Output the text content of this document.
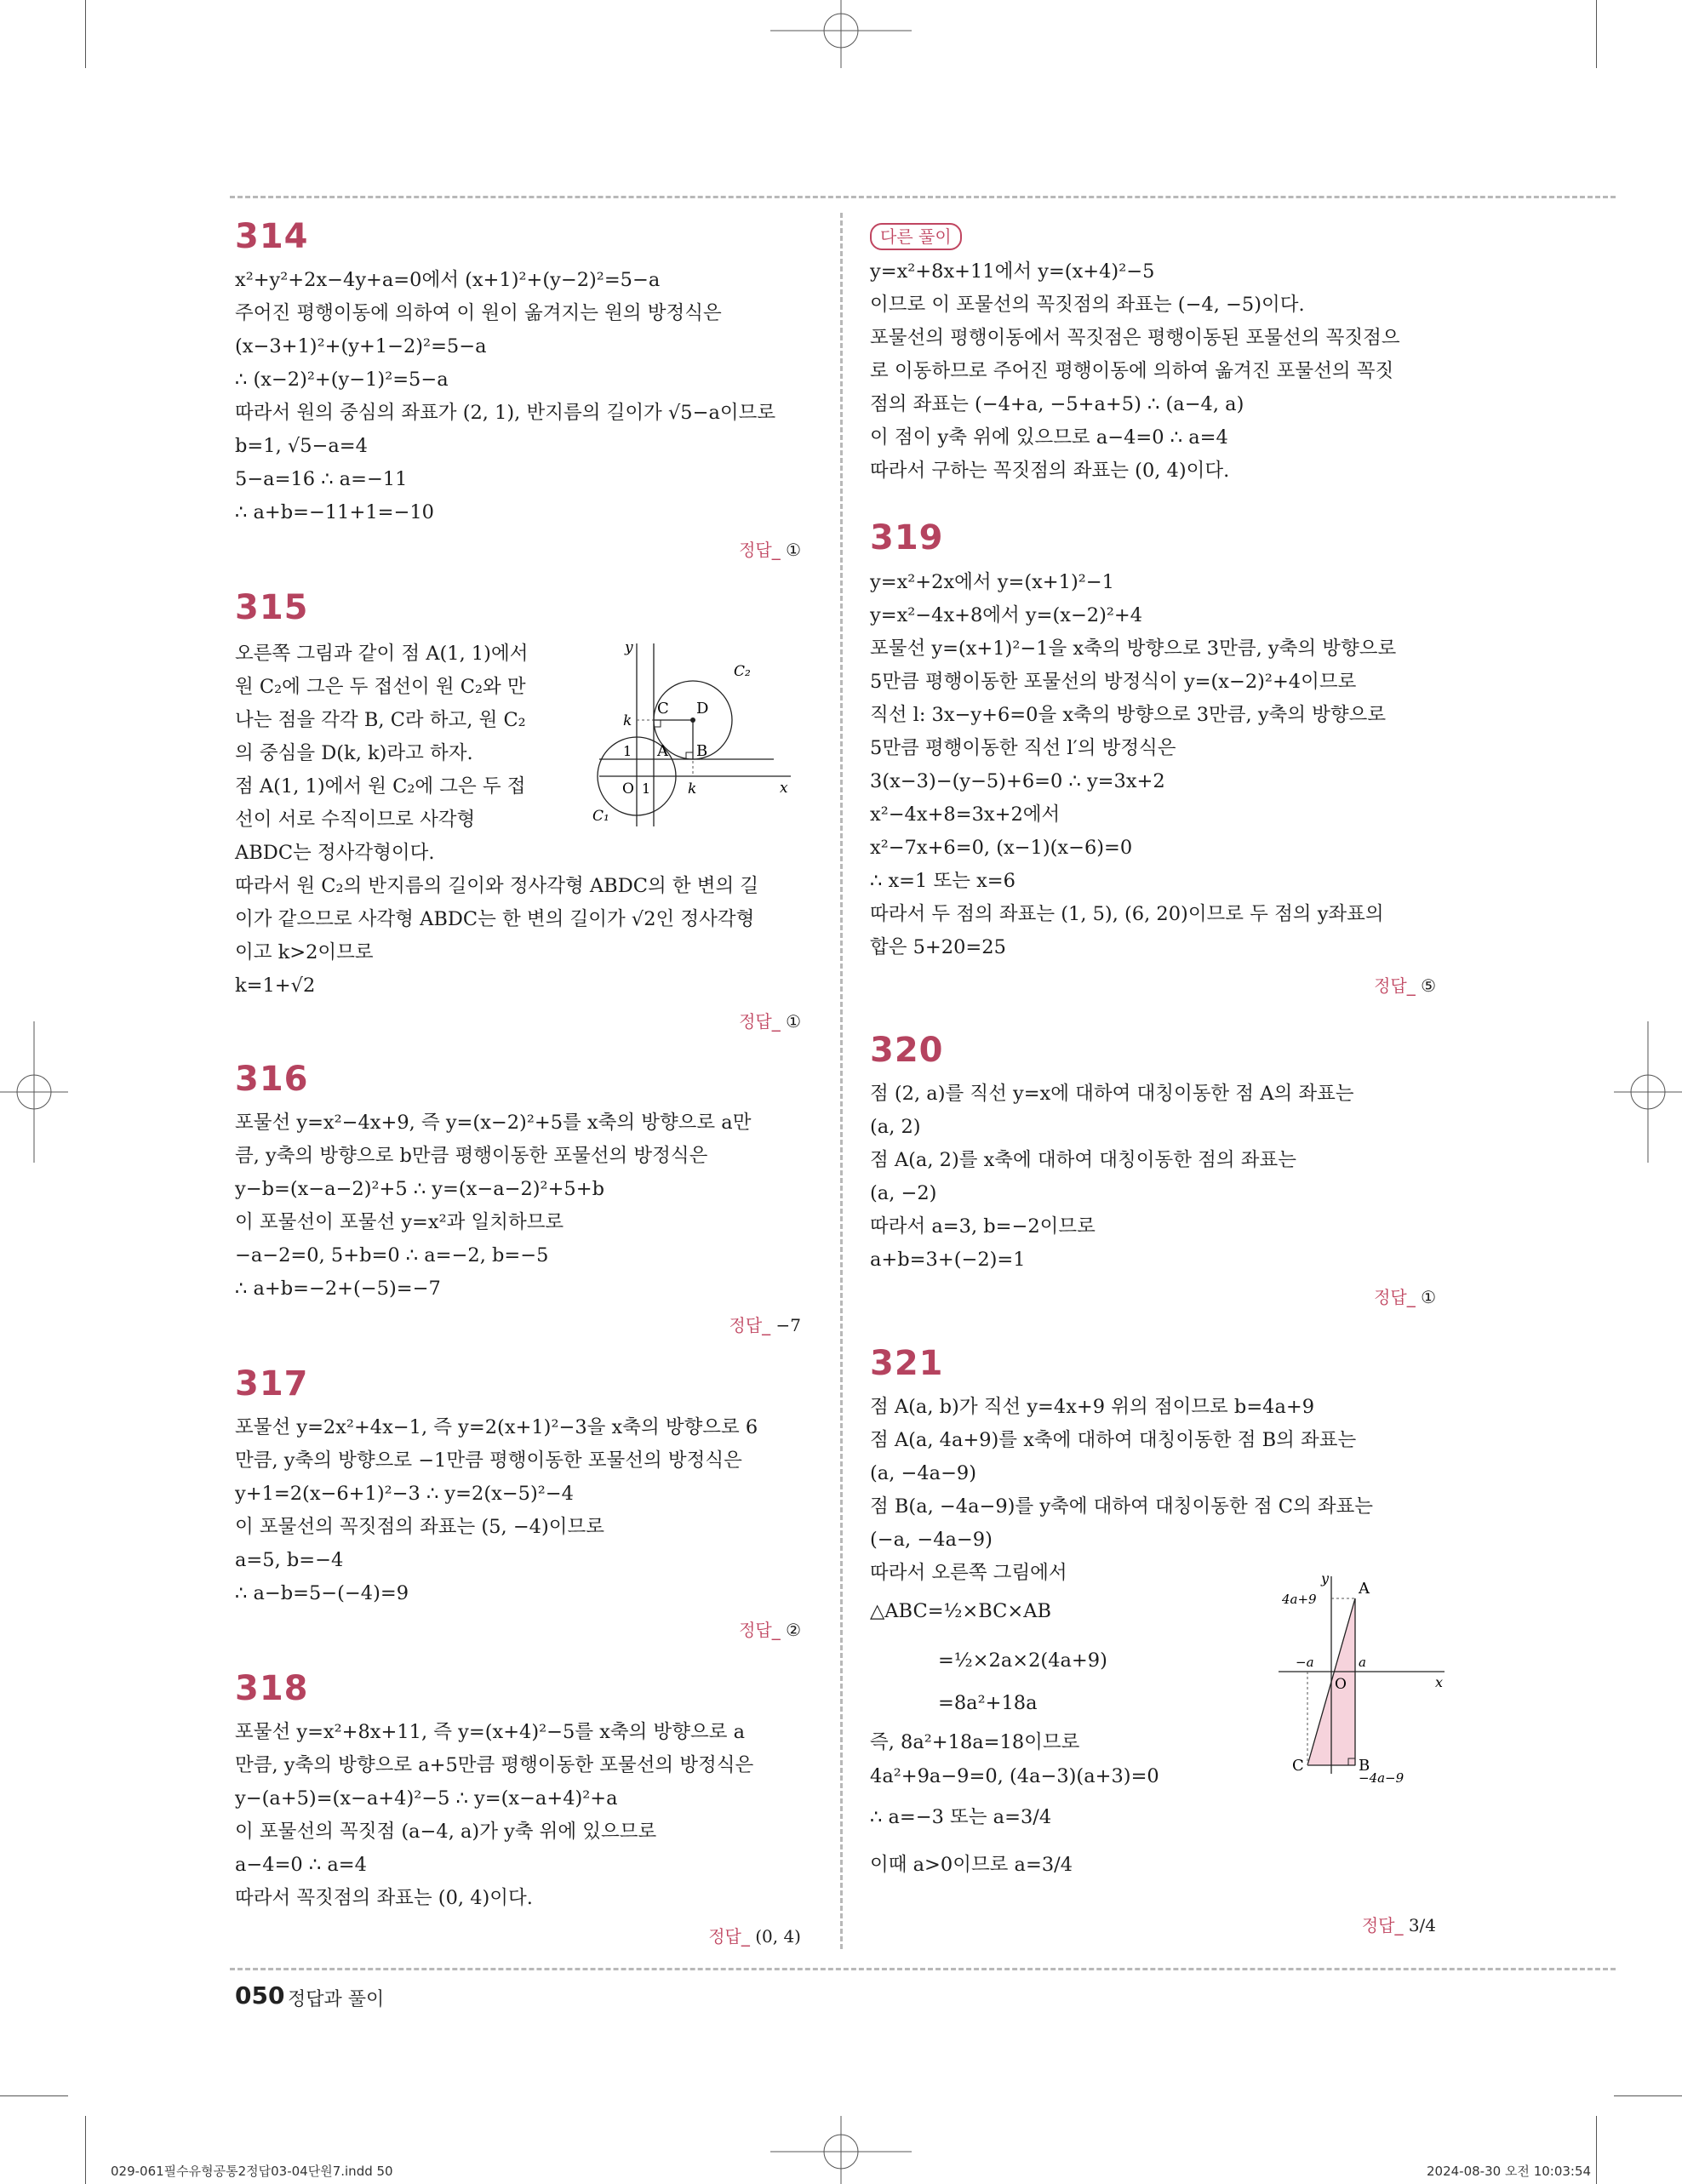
314
x²+y²+2x−4y+a=0에서 (x+1)²+(y−2)²=5−a
주어진 평행이동에 의하여 이 원이 옮겨지는 원의 방정식은
(x−3+1)²+(y+1−2)²=5−a
∴ (x−2)²+(y−1)²=5−a
따라서 원의 중심의 좌표가 (2, 1), 반지름의 길이가 √5−a이므로
b=1, √5−a=4
5−a=16 ∴ a=−11
∴ a+b=−11+1=−10
정답_ ①
315
오른쪽 그림과 같이 점 A(1, 1)에서
원 C₂에 그은 두 접선이 원 C₂와 만
나는 점을 각각 B, C라 하고, 원 C₂
의 중심을 D(k, k)라고 하자.
점 A(1, 1)에서 원 C₂에 그은 두 접
선이 서로 수직이므로 사각형
ABDC는 정사각형이다.
따라서 원 C₂의 반지름의 길이와 정사각형 ABDC의 한 변의 길
이가 같으므로 사각형 ABDC는 한 변의 길이가 √2인 정사각형
이고 k>2이므로
k=1+√2
정답_ ①
y
x
O 1
1
k
k
A B
C D
C₁
C₂
316
포물선 y=x²−4x+9, 즉 y=(x−2)²+5를 x축의 방향으로 a만
큼, y축의 방향으로 b만큼 평행이동한 포물선의 방정식은
y−b=(x−a−2)²+5 ∴ y=(x−a−2)²+5+b
이 포물선이 포물선 y=x²과 일치하므로
−a−2=0, 5+b=0 ∴ a=−2, b=−5
∴ a+b=−2+(−5)=−7
정답_ −7
317
포물선 y=2x²+4x−1, 즉 y=2(x+1)²−3을 x축의 방향으로 6
만큼, y축의 방향으로 −1만큼 평행이동한 포물선의 방정식은
y+1=2(x−6+1)²−3 ∴ y=2(x−5)²−4
이 포물선의 꼭짓점의 좌표는 (5, −4)이므로
a=5, b=−4
∴ a−b=5−(−4)=9
정답_ ②
318
포물선 y=x²+8x+11, 즉 y=(x+4)²−5를 x축의 방향으로 a
만큼, y축의 방향으로 a+5만큼 평행이동한 포물선의 방정식은
y−(a+5)=(x−a+4)²−5 ∴ y=(x−a+4)²+a
이 포물선의 꼭짓점 (a−4, a)가 y축 위에 있으므로
a−4=0 ∴ a=4
따라서 꼭짓점의 좌표는 (0, 4)이다.
정답_ (0, 4)
다른 풀이
y=x²+8x+11에서 y=(x+4)²−5
이므로 이 포물선의 꼭짓점의 좌표는 (−4, −5)이다.
포물선의 평행이동에서 꼭짓점은 평행이동된 포물선의 꼭짓점으
로 이동하므로 주어진 평행이동에 의하여 옮겨진 포물선의 꼭짓
점의 좌표는 (−4+a, −5+a+5) ∴ (a−4, a)
이 점이 y축 위에 있으므로 a−4=0 ∴ a=4
따라서 구하는 꼭짓점의 좌표는 (0, 4)이다.
319
y=x²+2x에서 y=(x+1)²−1
y=x²−4x+8에서 y=(x−2)²+4
포물선 y=(x+1)²−1을 x축의 방향으로 3만큼, y축의 방향으로
5만큼 평행이동한 포물선의 방정식이 y=(x−2)²+4이므로
직선 l: 3x−y+6=0을 x축의 방향으로 3만큼, y축의 방향으로
5만큼 평행이동한 직선 l′의 방정식은
3(x−3)−(y−5)+6=0 ∴ y=3x+2
x²−4x+8=3x+2에서
x²−7x+6=0, (x−1)(x−6)=0
∴ x=1 또는 x=6
따라서 두 점의 좌표는 (1, 5), (6, 20)이므로 두 점의 y좌표의
합은 5+20=25
정답_ ⑤
320
점 (2, a)를 직선 y=x에 대하여 대칭이동한 점 A의 좌표는
(a, 2)
점 A(a, 2)를 x축에 대하여 대칭이동한 점의 좌표는
(a, −2)
따라서 a=3, b=−2이므로
a+b=3+(−2)=1
정답_ ①
321
점 A(a, b)가 직선 y=4x+9 위의 점이므로 b=4a+9
점 A(a, 4a+9)를 x축에 대하여 대칭이동한 점 B의 좌표는
(a, −4a−9)
점 B(a, −4a−9)를 y축에 대하여 대칭이동한 점 C의 좌표는
(−a, −4a−9)
따라서 오른쪽 그림에서
△ABC=½×BC×AB
=½×2a×2(4a+9)
=8a²+18a
즉, 8a²+18a=18이므로
4a²+9a−9=0, (4a−3)(a+3)=0
∴ a=−3 또는 a=3/4
이때 a>0이므로 a=3/4
정답_ 3/4
y
x
A
B
C
O
4a+9
−a	a
−4a−9
050 정답과 풀이
029-061필수유형공통2정답03-04단원7.indd 50	2024-08-30 오전 10:03:54
